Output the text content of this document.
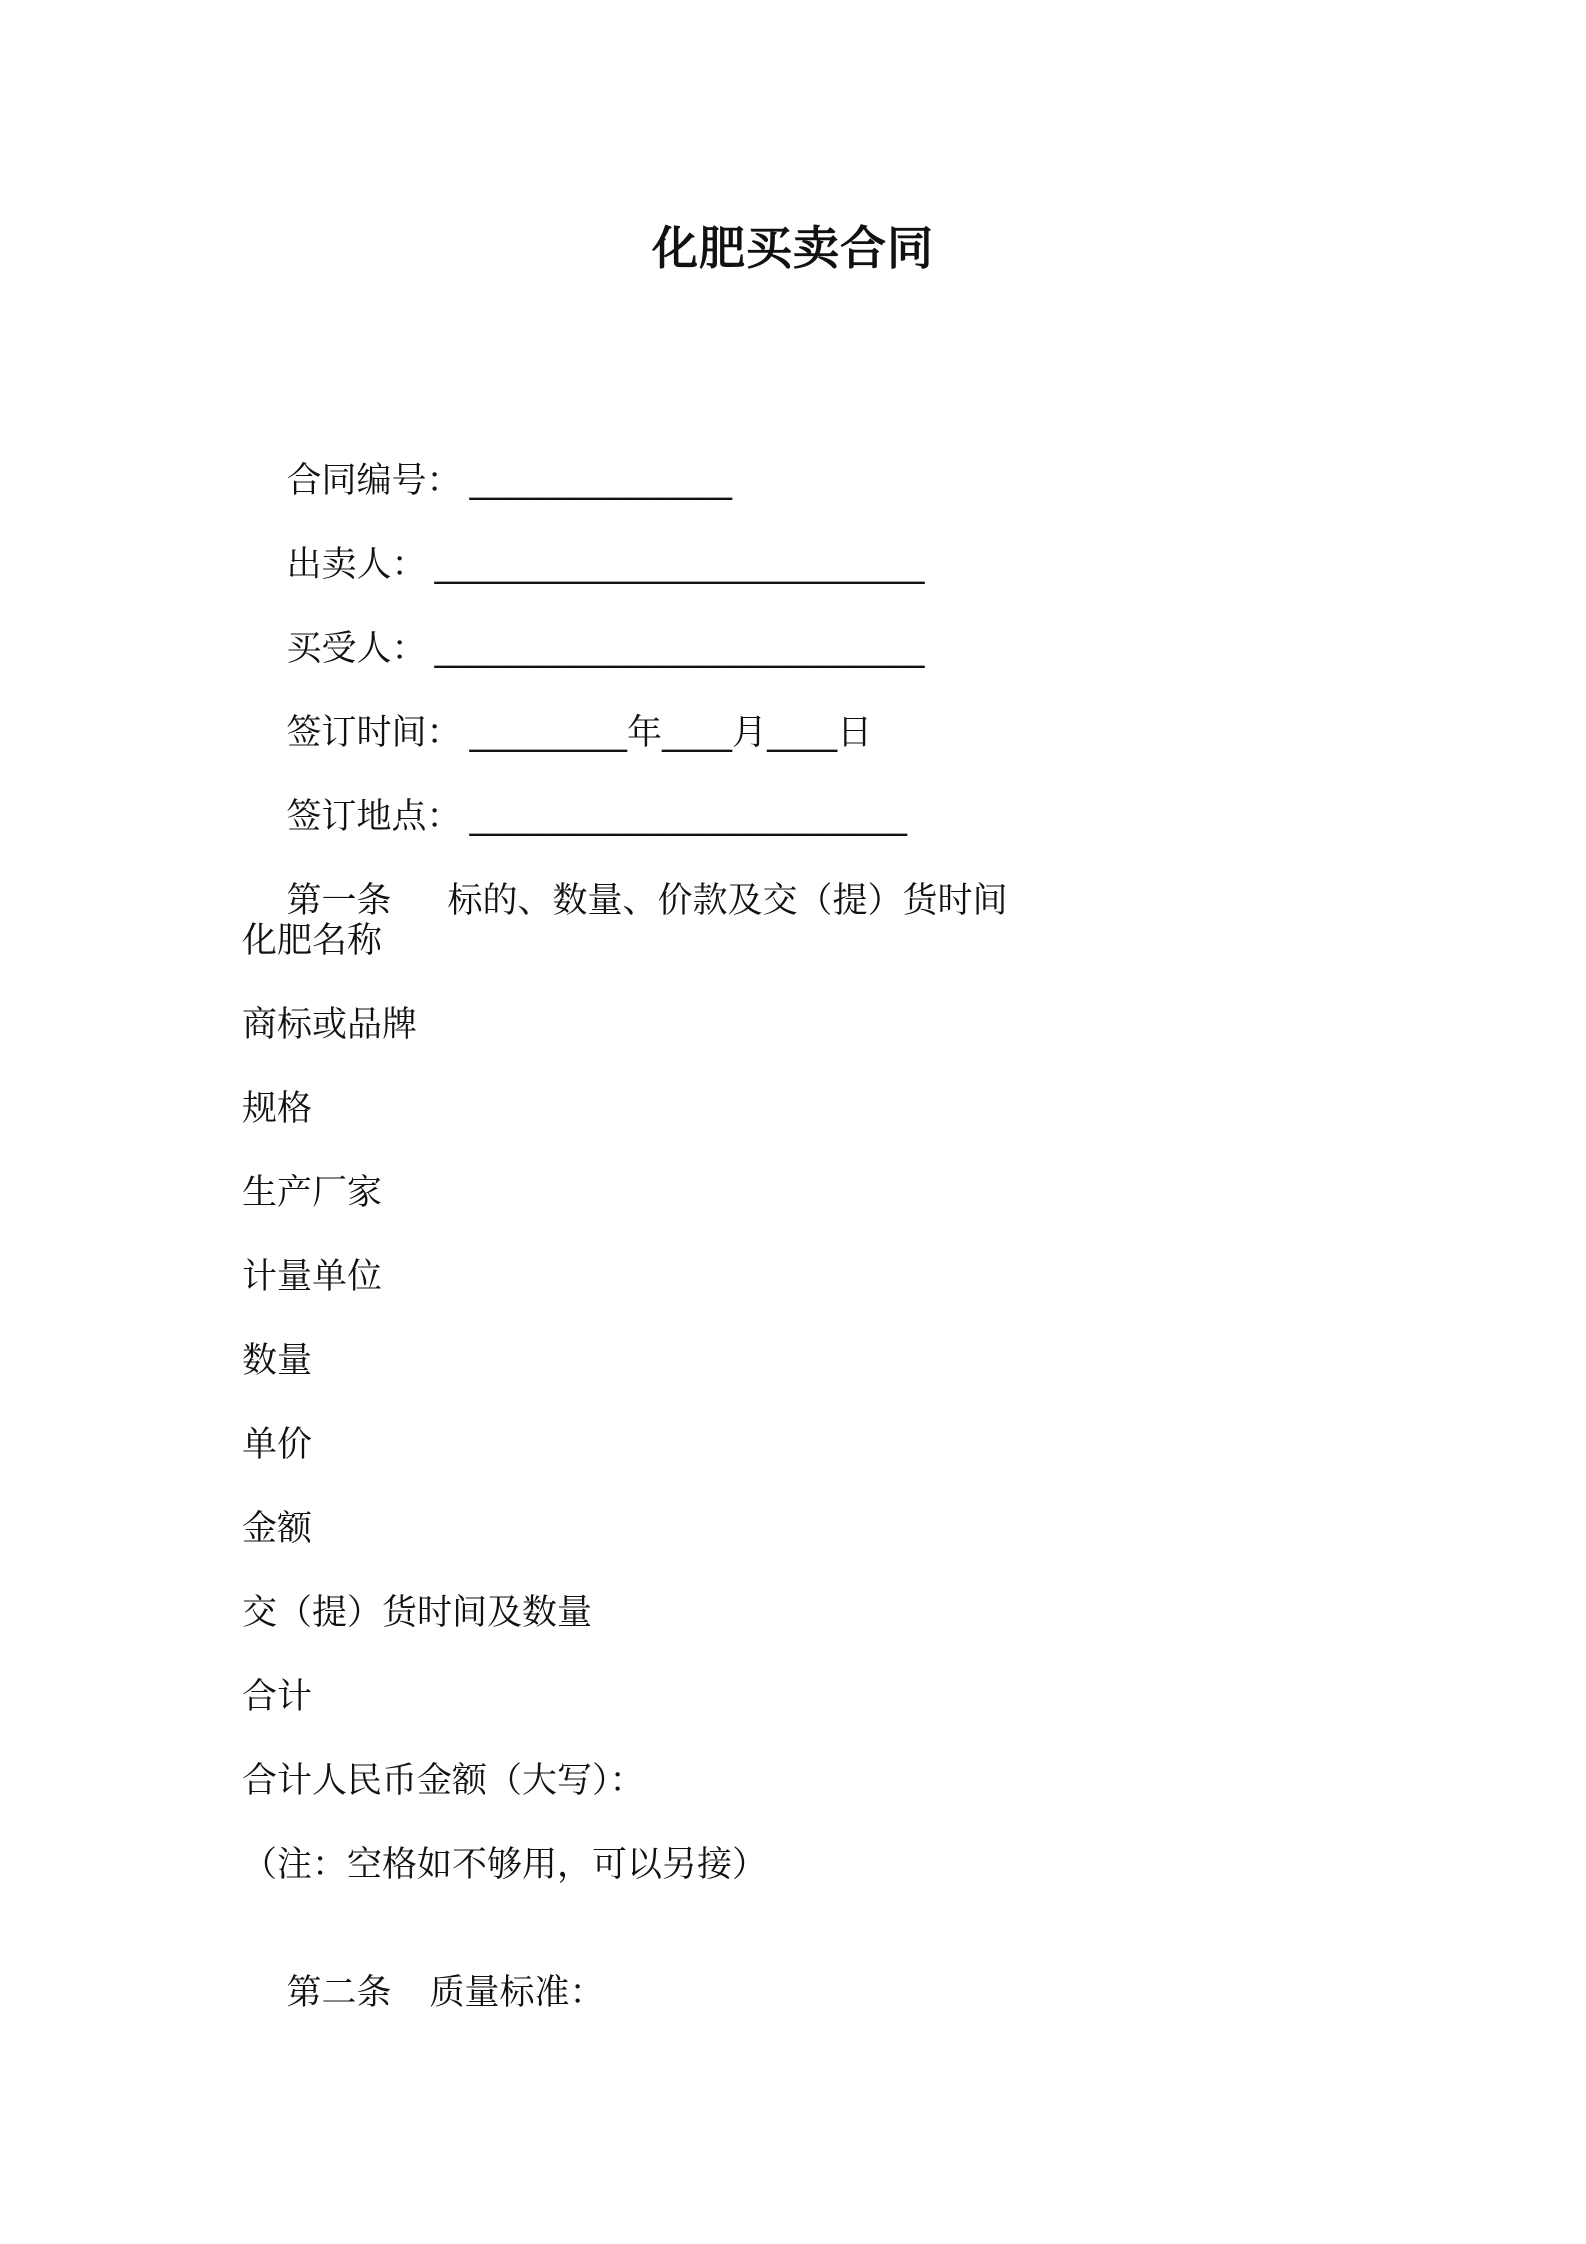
化肥买卖合同

合同编号： _______________

出卖人： ____________________________

买受人： ____________________________

签订时间： _________年____月____日

签订地点： _________________________

第一条 标的、数量、价款及交（提）货时间

化肥名称
商标或品牌
规格
生产厂家
计量单位
数量
单价
金额
交（提）货时间及数量
合计
合计人民币金额（大写）：
（注：空格如不够用，可以另接）

第二条 质量标准：
